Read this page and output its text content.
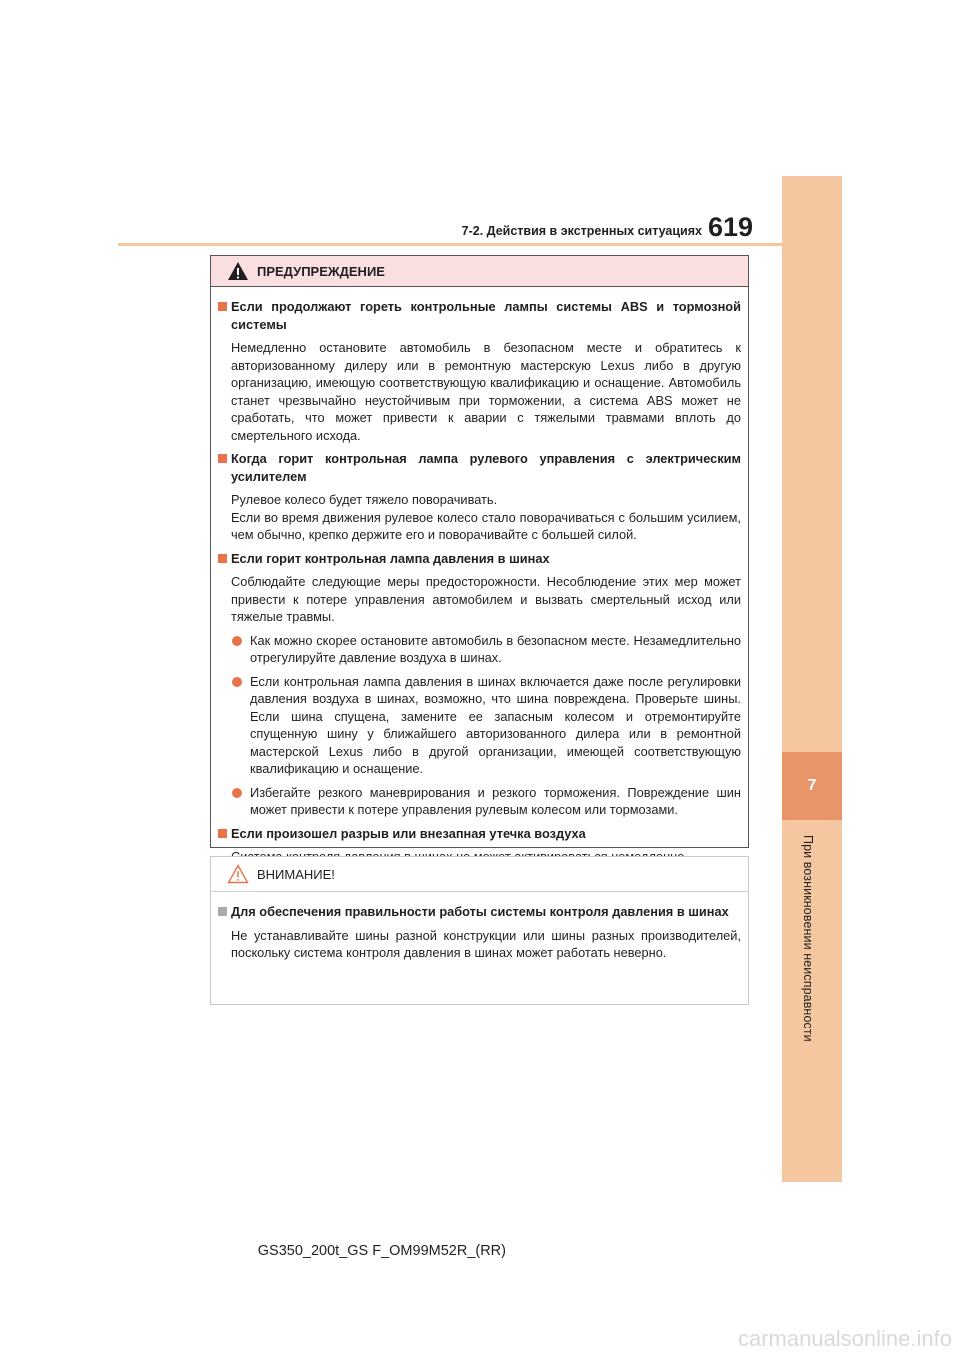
7-2. Действия в экстренных ситуациях 619
7
При возникновении неисправности
ПРЕДУПРЕЖДЕНИЕ
Если продолжают гореть контрольные лампы системы ABS и тормозной системы
Немедленно остановите автомобиль в безопасном месте и обратитесь к авторизованному дилеру или в ремонтную мастерскую Lexus либо в другую организацию, имеющую соответствующую квалификацию и оснащение. Автомобиль станет чрезвычайно неустойчивым при торможении, а система ABS может не сработать, что может привести к аварии с тяжелыми травмами вплоть до смертельного исхода.
Когда горит контрольная лампа рулевого управления с электрическим усилителем
Рулевое колесо будет тяжело поворачивать.
Если во время движения рулевое колесо стало поворачиваться с большим усилием, чем обычно, крепко держите его и поворачивайте с большей силой.
Если горит контрольная лампа давления в шинах
Соблюдайте следующие меры предосторожности. Несоблюдение этих мер может привести к потере управления автомобилем и вызвать смертельный исход или тяжелые травмы.
Как можно скорее остановите автомобиль в безопасном месте. Незамедлительно отрегулируйте давление воздуха в шинах.
Если контрольная лампа давления в шинах включается даже после регулировки давления воздуха в шинах, возможно, что шина повреждена. Проверьте шины. Если шина спущена, замените ее запасным колесом и отремонтируйте спущенную шину у ближайшего авторизованного дилера или в ремонтной мастерской Lexus либо в другой организации, имеющей соответствующую квалификацию и оснащение.
Избегайте резкого маневрирования и резкого торможения. Повреждение шин может привести к потере управления рулевым колесом или тормозами.
Если произошел разрыв или внезапная утечка воздуха
ВНИМАНИЕ!
Для обеспечения правильности работы системы контроля давления в шинах
Не устанавливайте шины разной конструкции или шины разных производителей, поскольку система контроля давления в шинах может работать неверно.
GS350_200t_GS F_OM99M52R_(RR)
carmanualsonline.info
